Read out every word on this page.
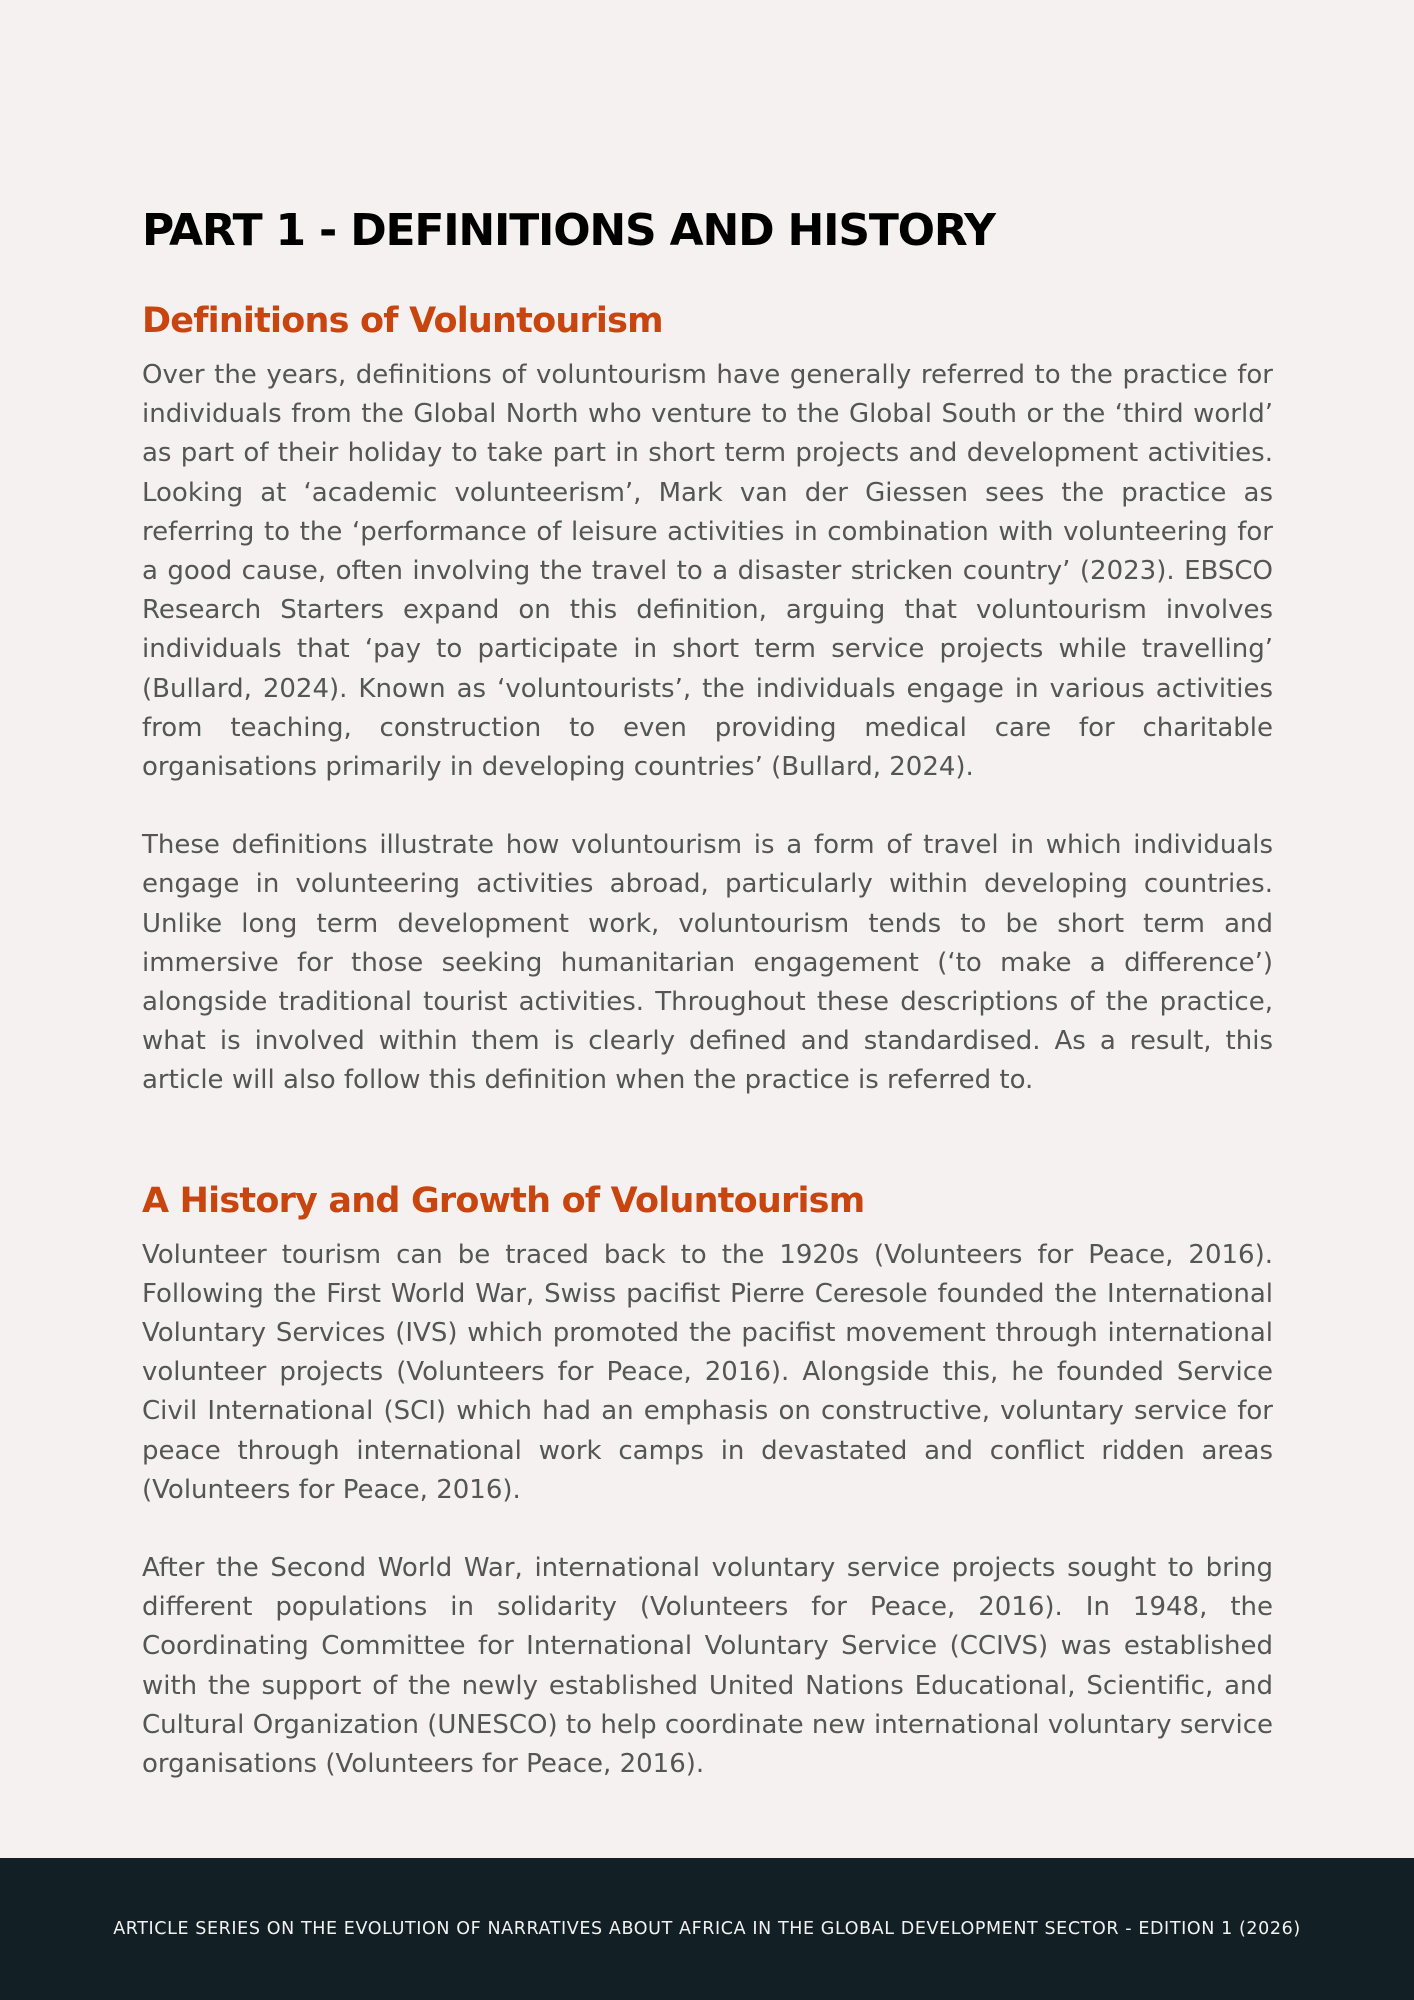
PART 1 - DEFINITIONS AND HISTORY
Definitions of Voluntourism

Over the years, definitions of voluntourism have generally referred to the practice for individuals from the Global North who venture to the Global South or the ‘third world’ as part of their holiday to take part in short term projects and development activities. Looking at ‘academic volunteerism’, Mark van der Giessen sees the practice as referring to the ‘performance of leisure activities in combination with volunteering for a good cause, often involving the travel to a disaster stricken country’ (2023). EBSCO Research Starters expand on this definition, arguing that voluntourism involves individuals that ‘pay to participate in short term service projects while travelling’ (Bullard, 2024). Known as ‘voluntourists’, the individuals engage in various activities from teaching, construction to even providing medical care for charitable organisations primarily in developing countries’ (Bullard, 2024).

These definitions illustrate how voluntourism is a form of travel in which individuals engage in volunteering activities abroad, particularly within developing countries. Unlike long term development work, voluntourism tends to be short term and immersive for those seeking humanitarian engagement (‘to make a difference’) alongside traditional tourist activities. Throughout these descriptions of the practice, what is involved within them is clearly defined and standardised. As a result, this article will also follow this definition when the practice is referred to.

A History and Growth of Voluntourism

Volunteer tourism can be traced back to the 1920s (Volunteers for Peace, 2016). Following the First World War, Swiss pacifist Pierre Ceresole founded the International Voluntary Services (IVS) which promoted the pacifist movement through international volunteer projects (Volunteers for Peace, 2016). Alongside this, he founded Service Civil International (SCI) which had an emphasis on constructive, voluntary service for peace through international work camps in devastated and conflict ridden areas (Volunteers for Peace, 2016).

After the Second World War, international voluntary service projects sought to bring different populations in solidarity (Volunteers for Peace, 2016). In 1948, the Coordinating Committee for International Voluntary Service (CCIVS) was established with the support of the newly established United Nations Educational, Scientific, and Cultural Organization (UNESCO) to help coordinate new international voluntary service organisations (Volunteers for Peace, 2016).

ARTICLE SERIES ON THE EVOLUTION OF NARRATIVES ABOUT AFRICA IN THE GLOBAL DEVELOPMENT SECTOR - EDITION 1 (2026)
